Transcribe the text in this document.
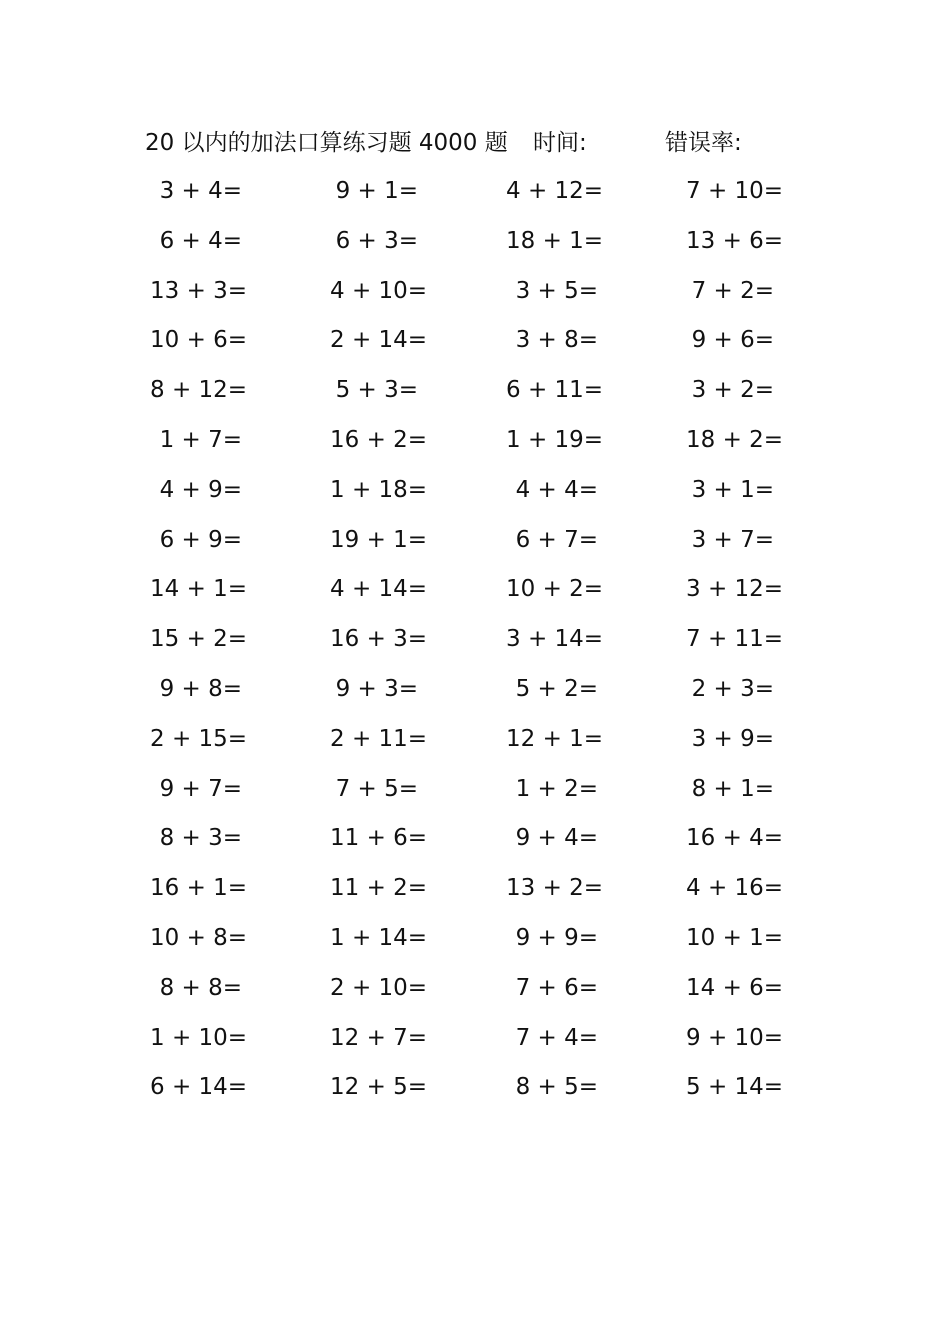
20 以内的加法口算练习题 4000 题 时间:	错误率:
3 + 4=	9 + 1=	4 + 12=	7 + 10=
6 + 4=	6 + 3=	18 + 1=	13 + 6=
13 + 3=	4 + 10=	3 + 5=	7 + 2=
10 + 6=	2 + 14=	3 + 8=	9 + 6=
8 + 12=	5 + 3=	6 + 11=	3 + 2=
1 + 7=	16 + 2=	1 + 19=	18 + 2=
4 + 9=	1 + 18=	4 + 4=	3 + 1=
6 + 9=	19 + 1=	6 + 7=	3 + 7=
14 + 1=	4 + 14=	10 + 2=	3 + 12=
15 + 2=	16 + 3=	3 + 14=	7 + 11=
9 + 8=	9 + 3=	5 + 2=	2 + 3=
2 + 15=	2 + 11=	12 + 1=	3 + 9=
9 + 7=	7 + 5=	1 + 2=	8 + 1=
8 + 3=	11 + 6=	9 + 4=	16 + 4=
16 + 1=	11 + 2=	13 + 2=	4 + 16=
10 + 8=	1 + 14=	9 + 9=	10 + 1=
8 + 8=	2 + 10=	7 + 6=	14 + 6=
1 + 10=	12 + 7=	7 + 4=	9 + 10=
6 + 14=	12 + 5=	8 + 5=	5 + 14=
